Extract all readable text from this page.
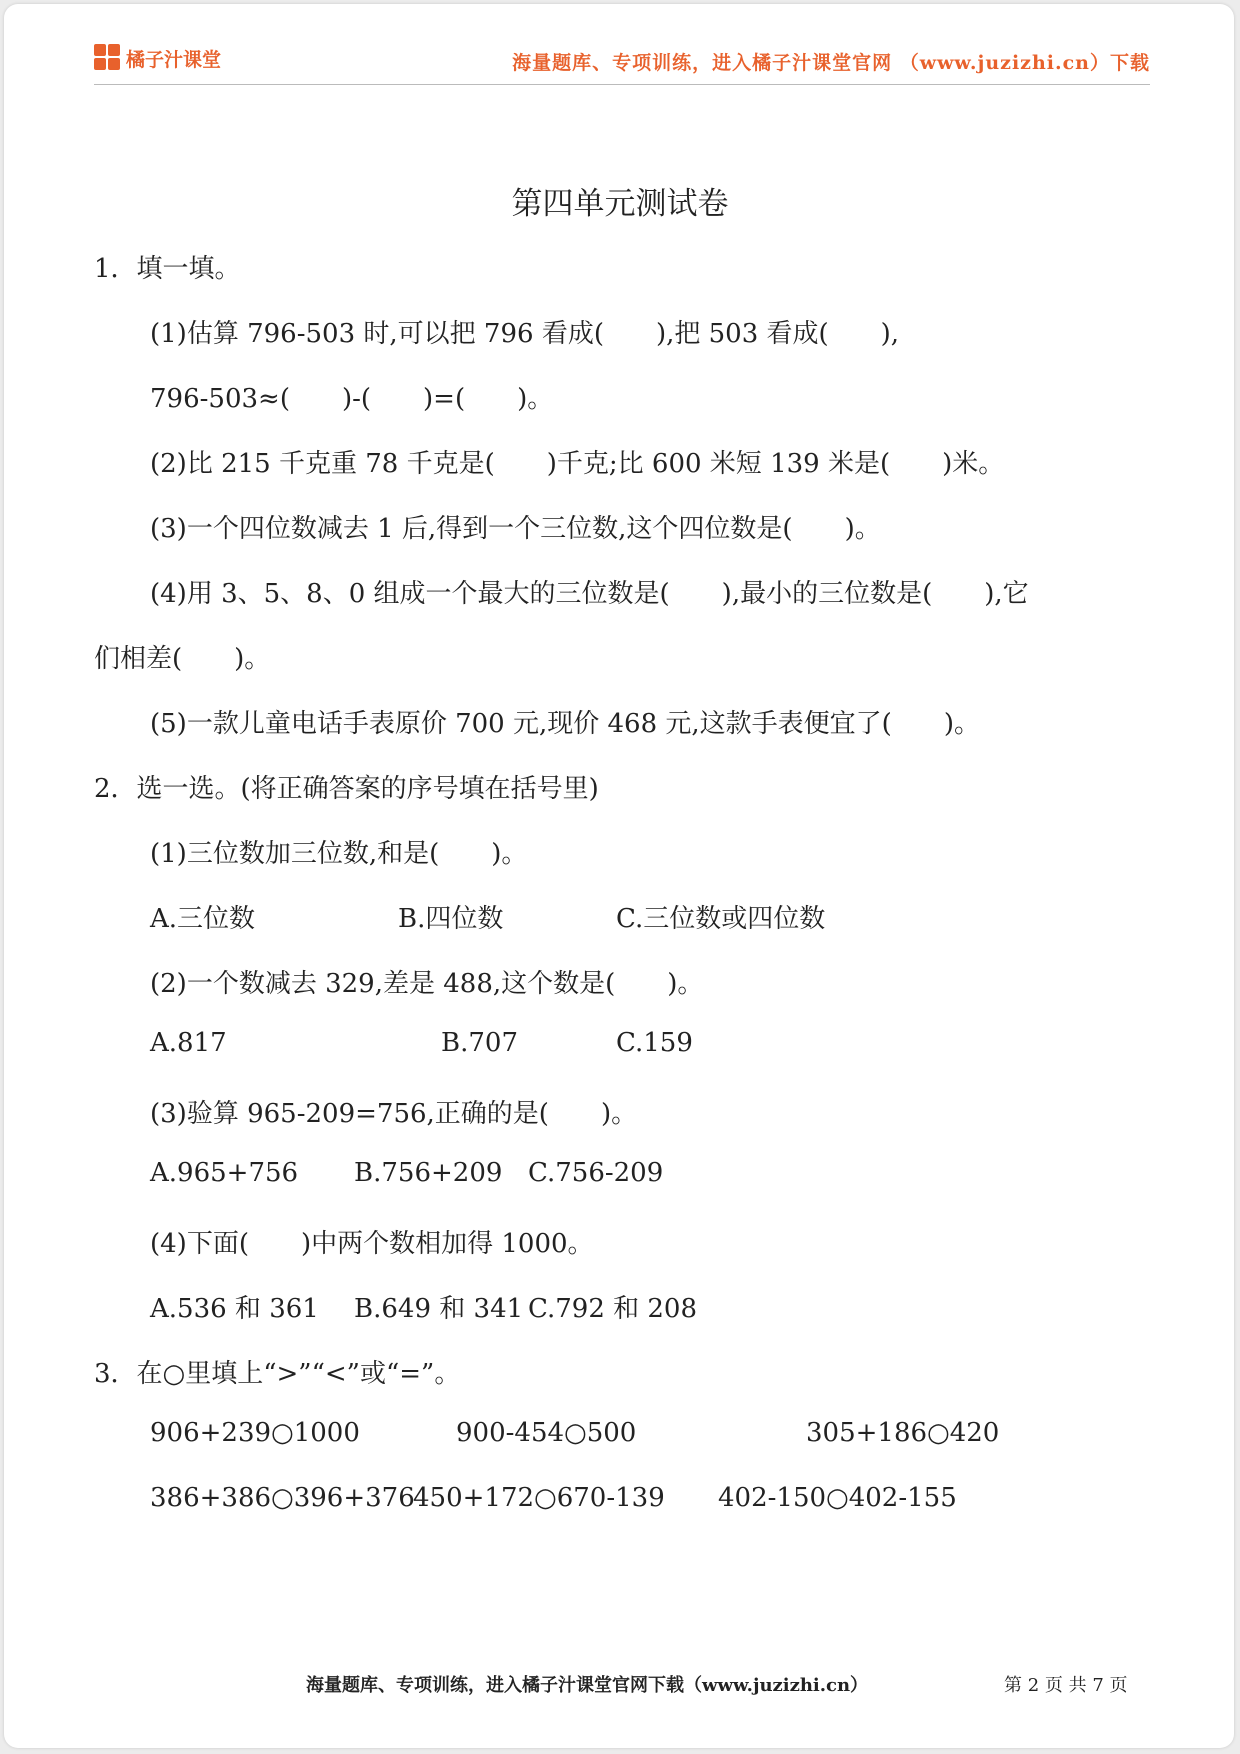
橘子汁课堂	海量题库、专项训练，进入橘子汁课堂官网 （www.juzizhi.cn）下载
第四单元测试卷
1．填一填。
(1)估算 796-503 时,可以把 796 看成(　　),把 503 看成(　　),
796-503≈(　　)-(　　)=(　　)。
(2)比 215 千克重 78 千克是(　　)千克;比 600 米短 139 米是(　　)米。
(3)一个四位数减去 1 后,得到一个三位数,这个四位数是(　　)。
(4)用 3、5、8、0 组成一个最大的三位数是(　　),最小的三位数是(　　),它
们相差(　　)。
(5)一款儿童电话手表原价 700 元,现价 468 元,这款手表便宜了(　　)。
2．选一选。(将正确答案的序号填在括号里)
(1)三位数加三位数,和是(　　)。
A.三位数	B.四位数	C.三位数或四位数
(2)一个数减去 329,差是 488,这个数是(　　)。
A.817	B.707	C.159
(3)验算 965-209=756,正确的是(　　)。
A.965+756 B.756+209 C.756-209
(4)下面(　　)中两个数相加得 1000。
A.536 和 361 B.649 和 341 C.792 和 208
3．在○里填上“>”“<”或“=”。
906+239○1000	900-454○500	305+186○420
386+386○396+376
450+172○670-139 402-150○402-155
海量题库、专项训练，进入橘子汁课堂官网下载（www.juzizhi.cn）	第 2 页 共 7 页
